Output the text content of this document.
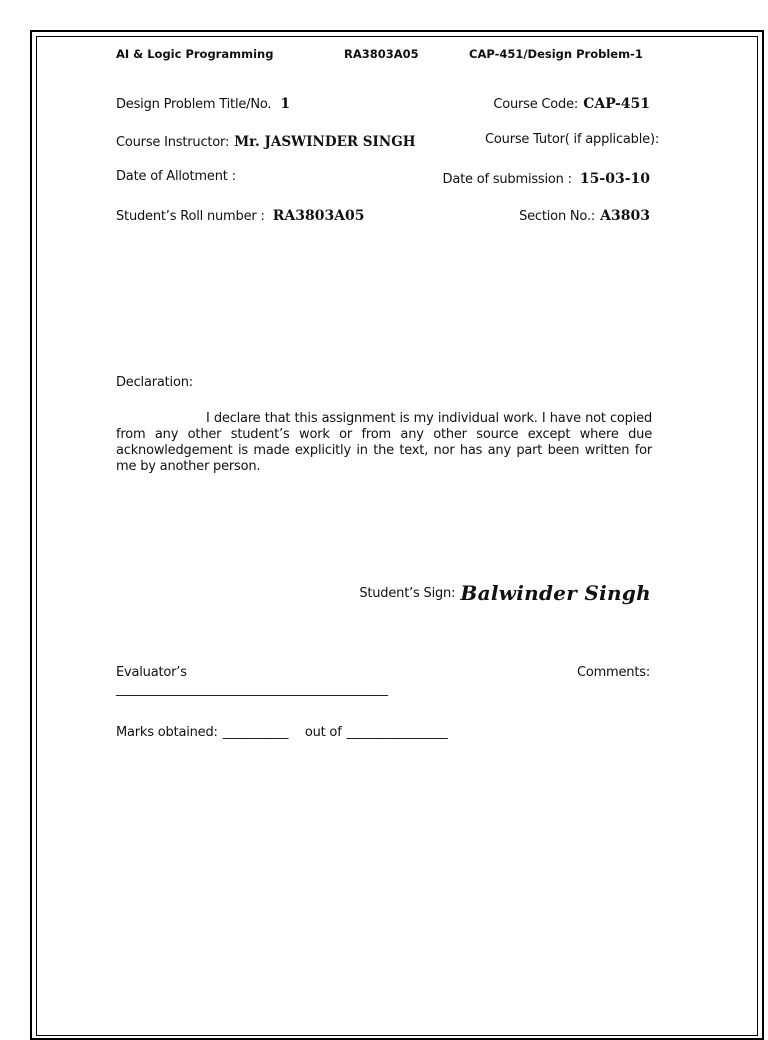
AI & Logic Programming	RA3803A05	CAP-451/Design Problem-1
Design Problem Title/No. 1	Course Code: CAP-451
Course Instructor: Mr. JASWINDER SINGH	Course Tutor( if applicable):
Date of Allotment :	Date of submission : 15-03-10
Student’s Roll number : RA3803A05	Section No.: A3803
Declaration:
I declare that this assignment is my individual work. I have not copied from any other student’s work or from any other source except where due acknowledgement is made explicitly in the text, nor has any part been written for me by another person.
Student’s Sign: Balwinder Singh
Evaluator’s	Comments:
______________________________________________
Marks obtained: ___________ out of _________________
